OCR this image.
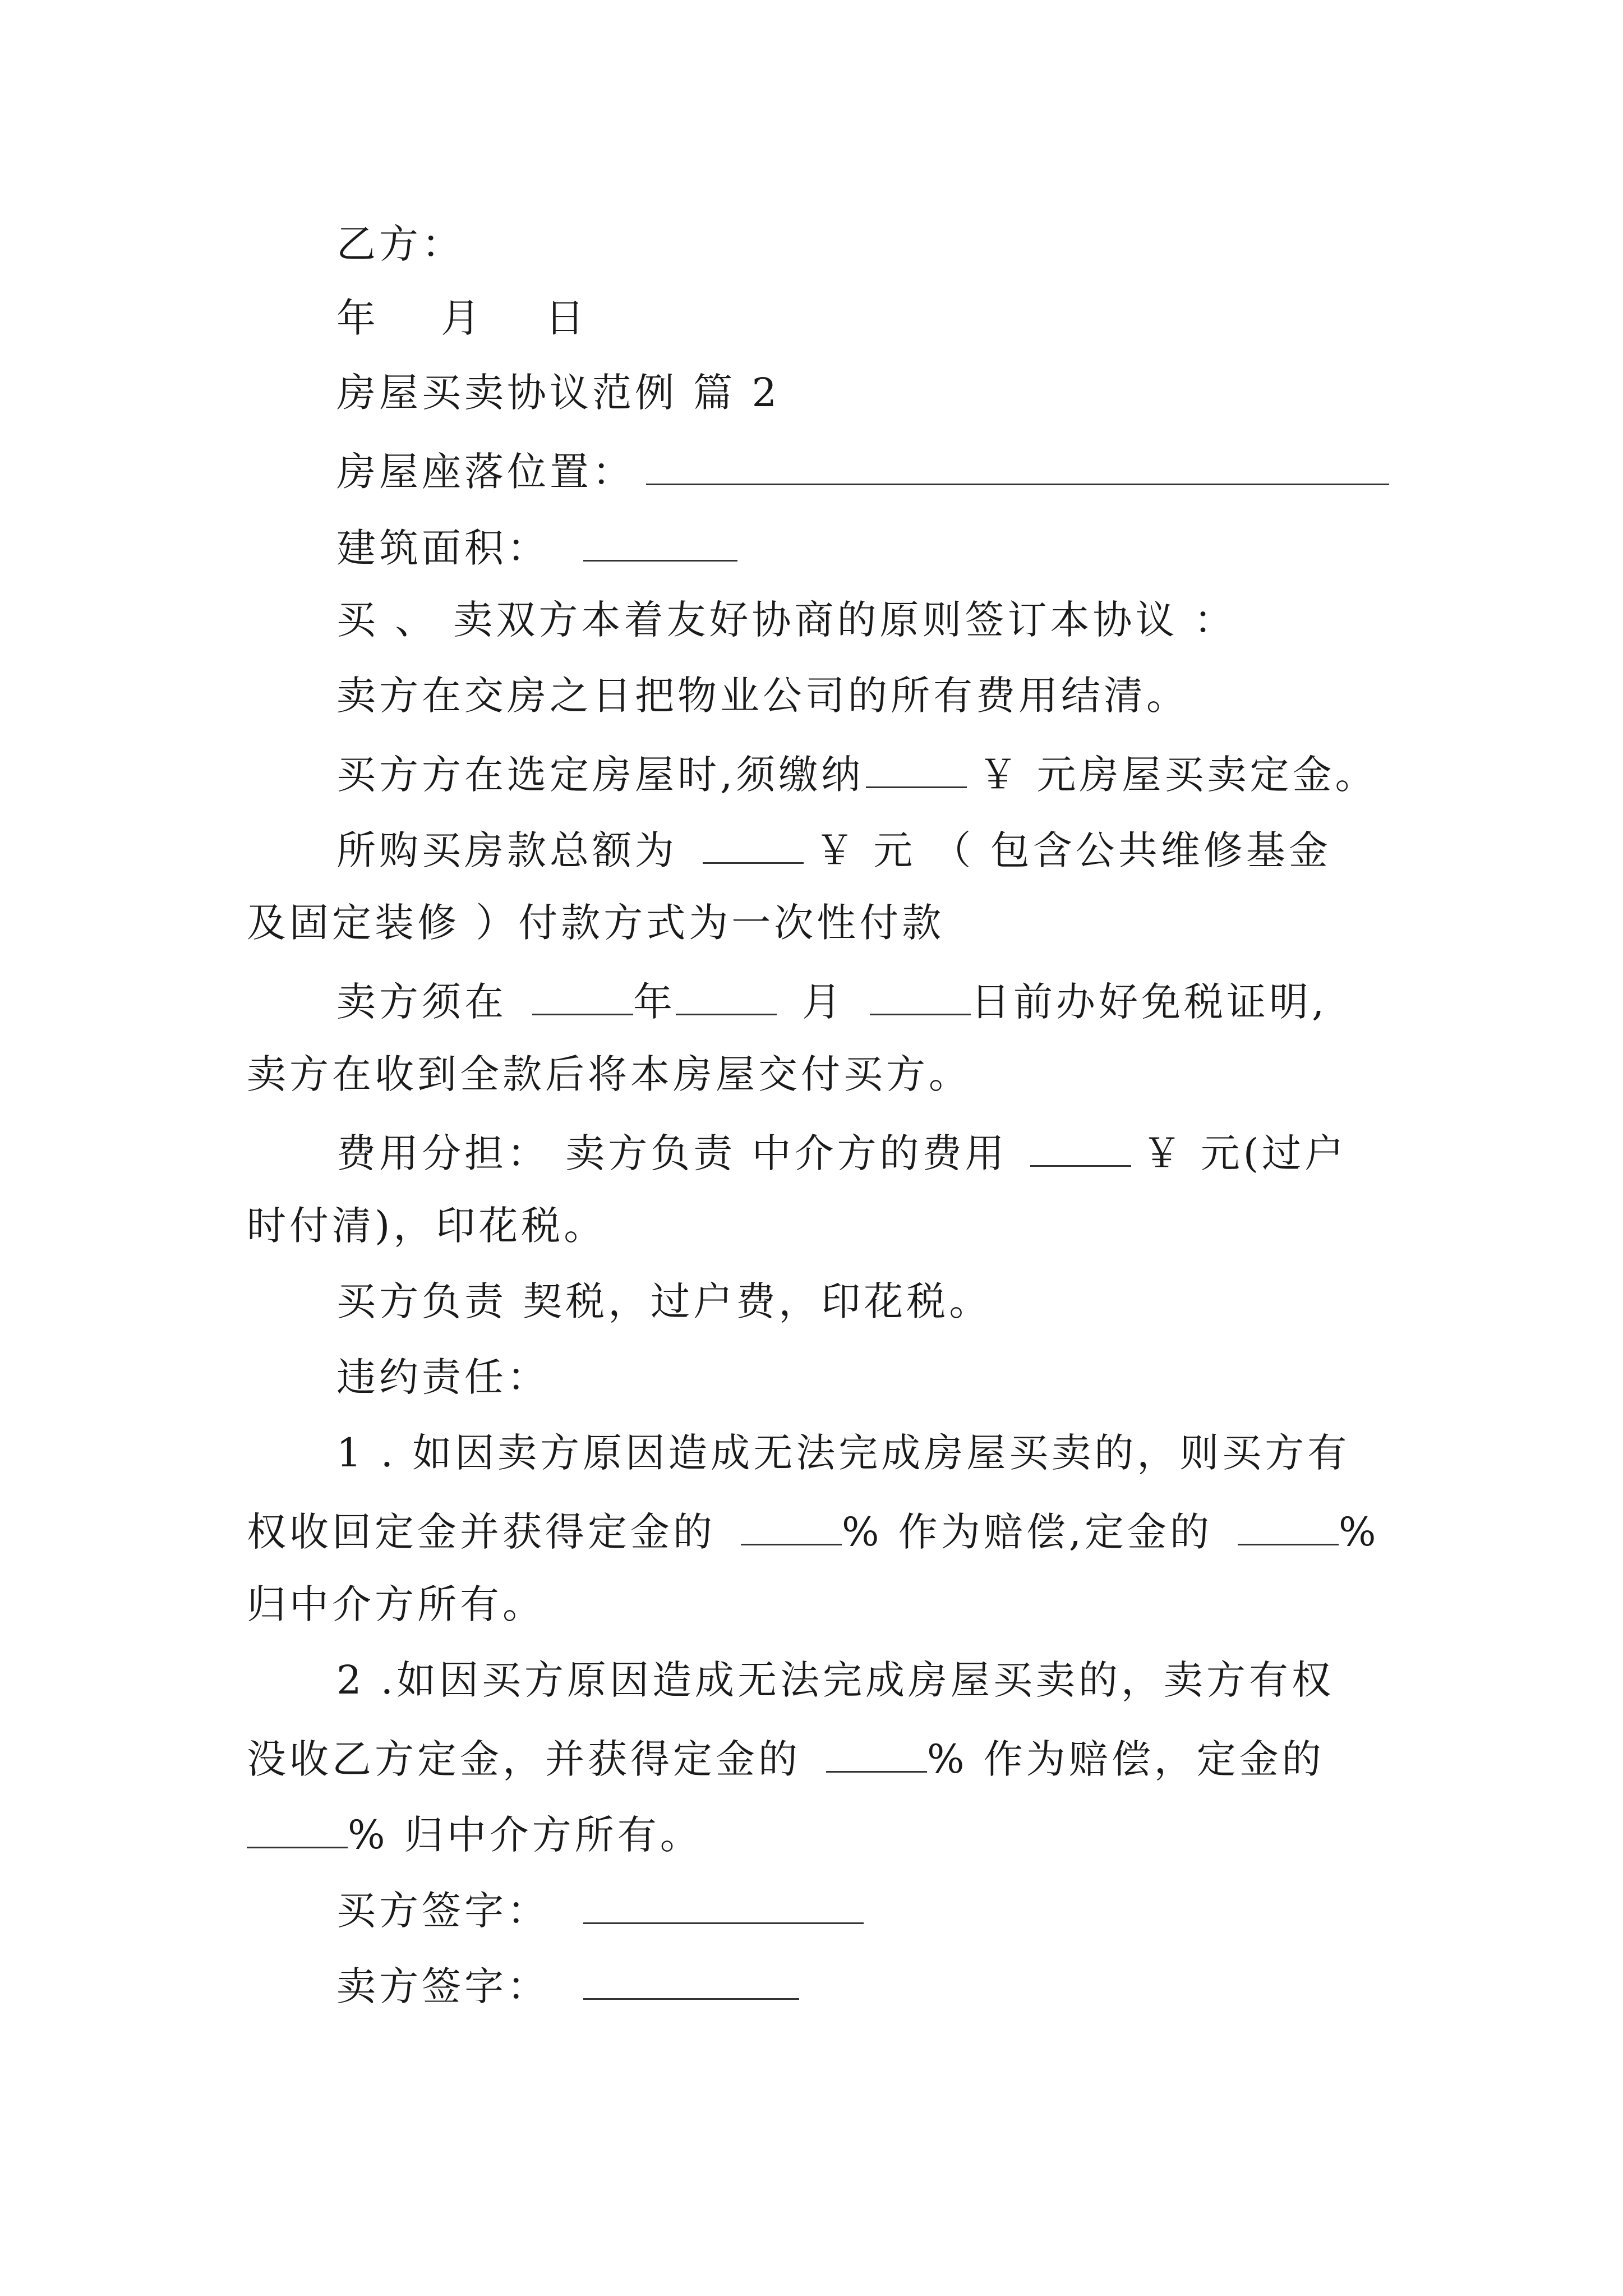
乙方：
年 月 日
房屋买卖协议范例 篇 2
房屋座落位置：
建筑面积：
买 、 卖双方本着友好协商的原则签订本协议 ：
卖方在交房之日把物业公司的所有费用结清。
买方方在选定房屋时,须缴纳	￥ 元房屋买卖定金。
所购买房款总额为	￥ 元 （ 包含公共维修基金
及固定装修 ）付款方式为一次性付款
卖方须在	年	月	日前办好免税证明,
卖方在收到全款后将本房屋交付买方。
费用分担： 卖方负责 中介方的费用	￥ 元(过户
时付清)，印花税。
买方负责 契税，过户费，印花税。
违约责任：
1 . 如因卖方原因造成无法完成房屋买卖的，则买方有
权收回定金并获得定金的	% 作为赔偿,定金的	%
归中介方所有。
2 .如因买方原因造成无法完成房屋买卖的，卖方有权
没收乙方定金，并获得定金的	% 作为赔偿，定金的
% 归中介方所有。
买方签字：
卖方签字：
